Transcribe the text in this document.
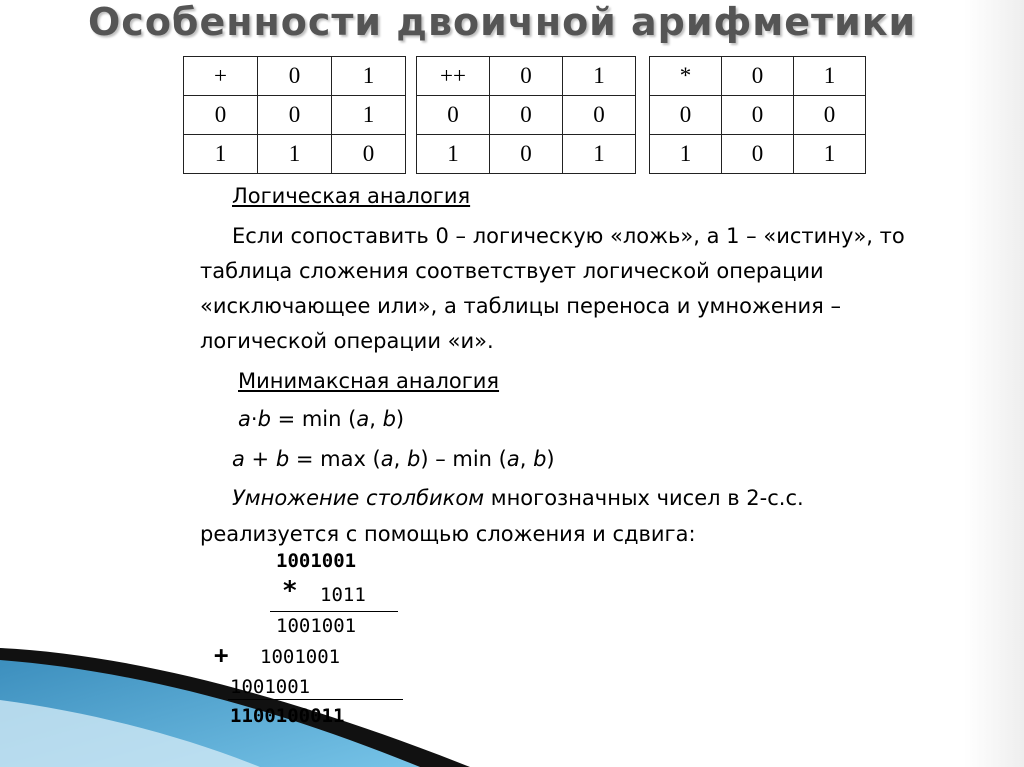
Особенности двоичной арифметики
+	0	1
0	0	1
1	1	0
++	0	1
0	0	0
1	0	1
*	0	1
0	0	0
1	0	1
Логическая аналогия
Если сопоставить 0 – логическую «ложь», а 1 – «истину», то
таблица сложения соответствует логической операции
«исключающее или», а таблицы переноса и умножения –
логической операции «и».
Минимаксная аналогия
a·b = min (a, b)
a + b = max (a, b) – min (a, b)
Умножение столбиком многозначных чисел в 2-с.с.
реализуется с помощью сложения и сдвига:
1001001
* 1011
1001001
+ 1001001
1001001
1100100011
